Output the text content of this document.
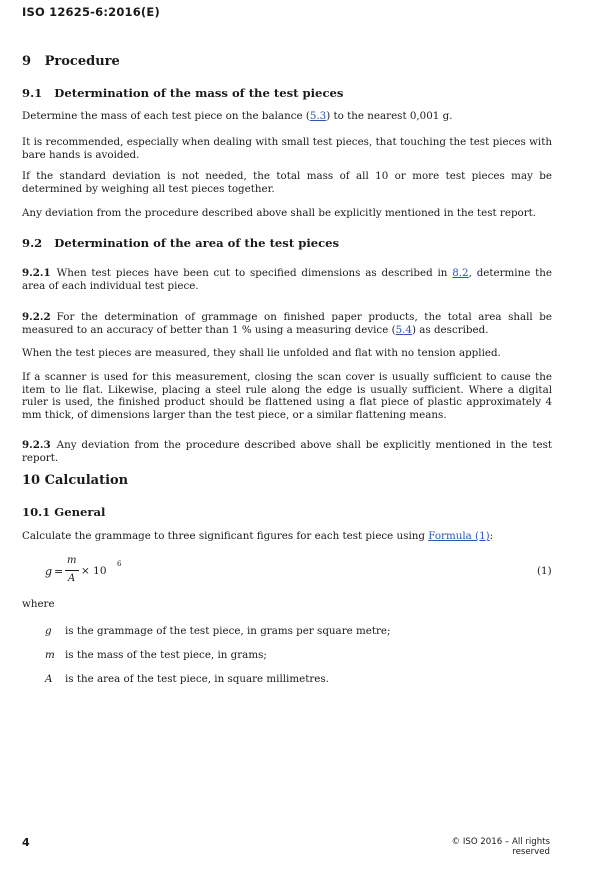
ISO 12625-6:2016(E)
9 Procedure
9.1 Determination of the mass of the test pieces
Determine the mass of each test piece on the balance (5.3) to the nearest 0,001 g.
It is recommended, especially when dealing with small test pieces, that touching the test pieces with bare hands is avoided.
If the standard deviation is not needed, the total mass of all 10 or more test pieces may be determined by weighing all test pieces together.
Any deviation from the procedure described above shall be explicitly mentioned in the test report.
9.2 Determination of the area of the test pieces
9.2.1 When test pieces have been cut to specified dimensions as described in 8.2, determine the area of each individual test piece.
9.2.2 For the determination of grammage on finished paper products, the total area shall be measured to an accuracy of better than 1 % using a measuring device (5.4) as described.
When the test pieces are measured, they shall lie unfolded and flat with no tension applied.
If a scanner is used for this measurement, closing the scan cover is usually sufficient to cause the item to lie flat. Likewise, placing a steel rule along the edge is usually sufficient. Where a digital ruler is used, the finished product should be flattened using a flat piece of plastic approximately 4 mm thick, of dimensions larger than the test piece, or a similar flattening means.
9.2.3 Any deviation from the procedure described above shall be explicitly mentioned in the test report.
10 Calculation
10.1 General
Calculate the grammage to three significant figures for each test piece using Formula (1):
g =
m
A
× 10
6
(1)
where
g is the grammage of the test piece, in grams per square metre;
m is the mass of the test piece, in grams;
A is the area of the test piece, in square millimetres.
4	© ISO 2016 – All rights reserved
